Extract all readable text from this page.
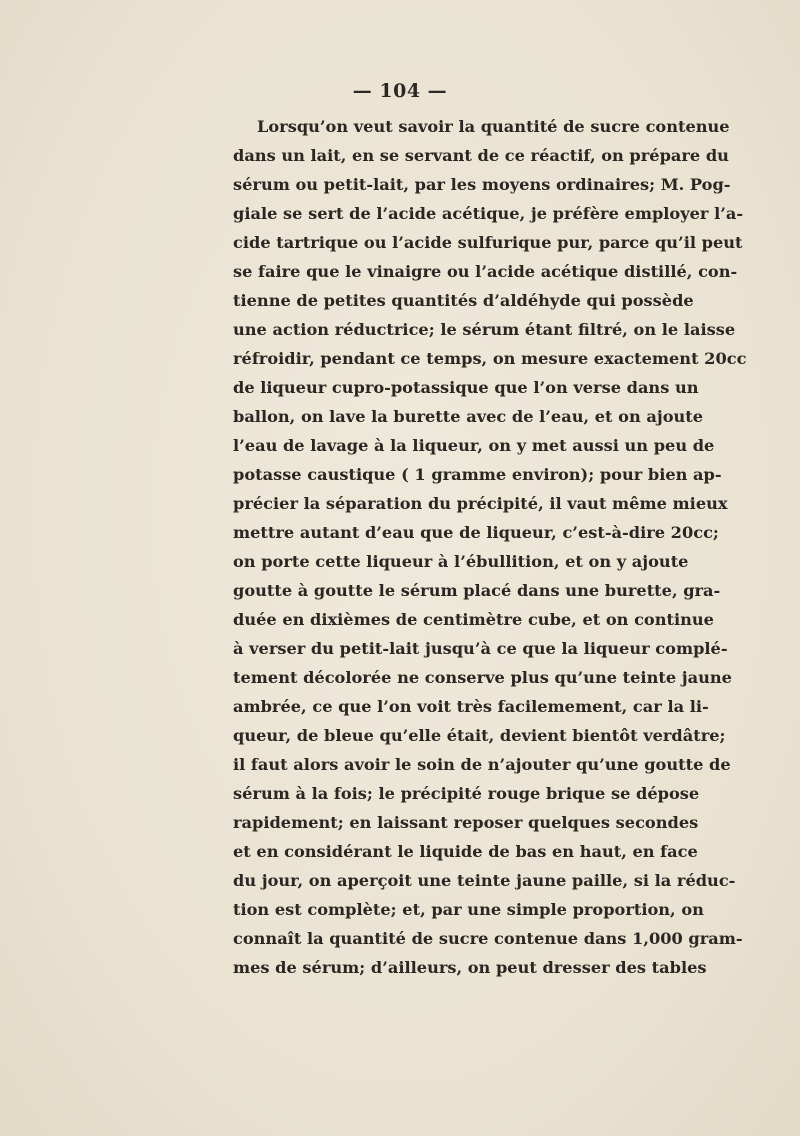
— 104 —
Lorsqu’on veut savoir la quantité de sucre contenue
dans un lait, en se servant de ce réactif, on prépare du
sérum ou petit-lait, par les moyens ordinaires; M. Pog-
giale se sert de l’acide acétique, je préfère employer l’a-
cide tartrique ou l’acide sulfurique pur, parce qu’il peut
se faire que le vinaigre ou l’acide acétique distillé, con-
tienne de petites quantités d’aldéhyde qui possède
une action réductrice; le sérum étant filtré, on le laisse
réfroidir, pendant ce temps, on mesure exactement 20cc
de liqueur cupro-potassique que l’on verse dans un
ballon, on lave la burette avec de l’eau, et on ajoute
l’eau de lavage à la liqueur, on y met aussi un peu de
potasse caustique ( 1 gramme environ); pour bien ap-
précier la séparation du précipité, il vaut même mieux
mettre autant d’eau que de liqueur, c’est-à-dire 20cc;
on porte cette liqueur à l’ébullition, et on y ajoute
goutte à goutte le sérum placé dans une burette, gra-
duée en dixièmes de centimètre cube, et on continue
à verser du petit-lait jusqu’à ce que la liqueur complé-
tement décolorée ne conserve plus qu’une teinte jaune
ambrée, ce que l’on voit très facilemement, car la li-
queur, de bleue qu’elle était, devient bientôt verdâtre;
il faut alors avoir le soin de n’ajouter qu’une goutte de
sérum à la fois; le précipité rouge brique se dépose
rapidement; en laissant reposer quelques secondes
et en considérant le liquide de bas en haut, en face
du jour, on aperçoit une teinte jaune paille, si la réduc-
tion est complète; et, par une simple proportion, on
connaît la quantité de sucre contenue dans 1,000 gram-
mes de sérum; d’ailleurs, on peut dresser des tables
